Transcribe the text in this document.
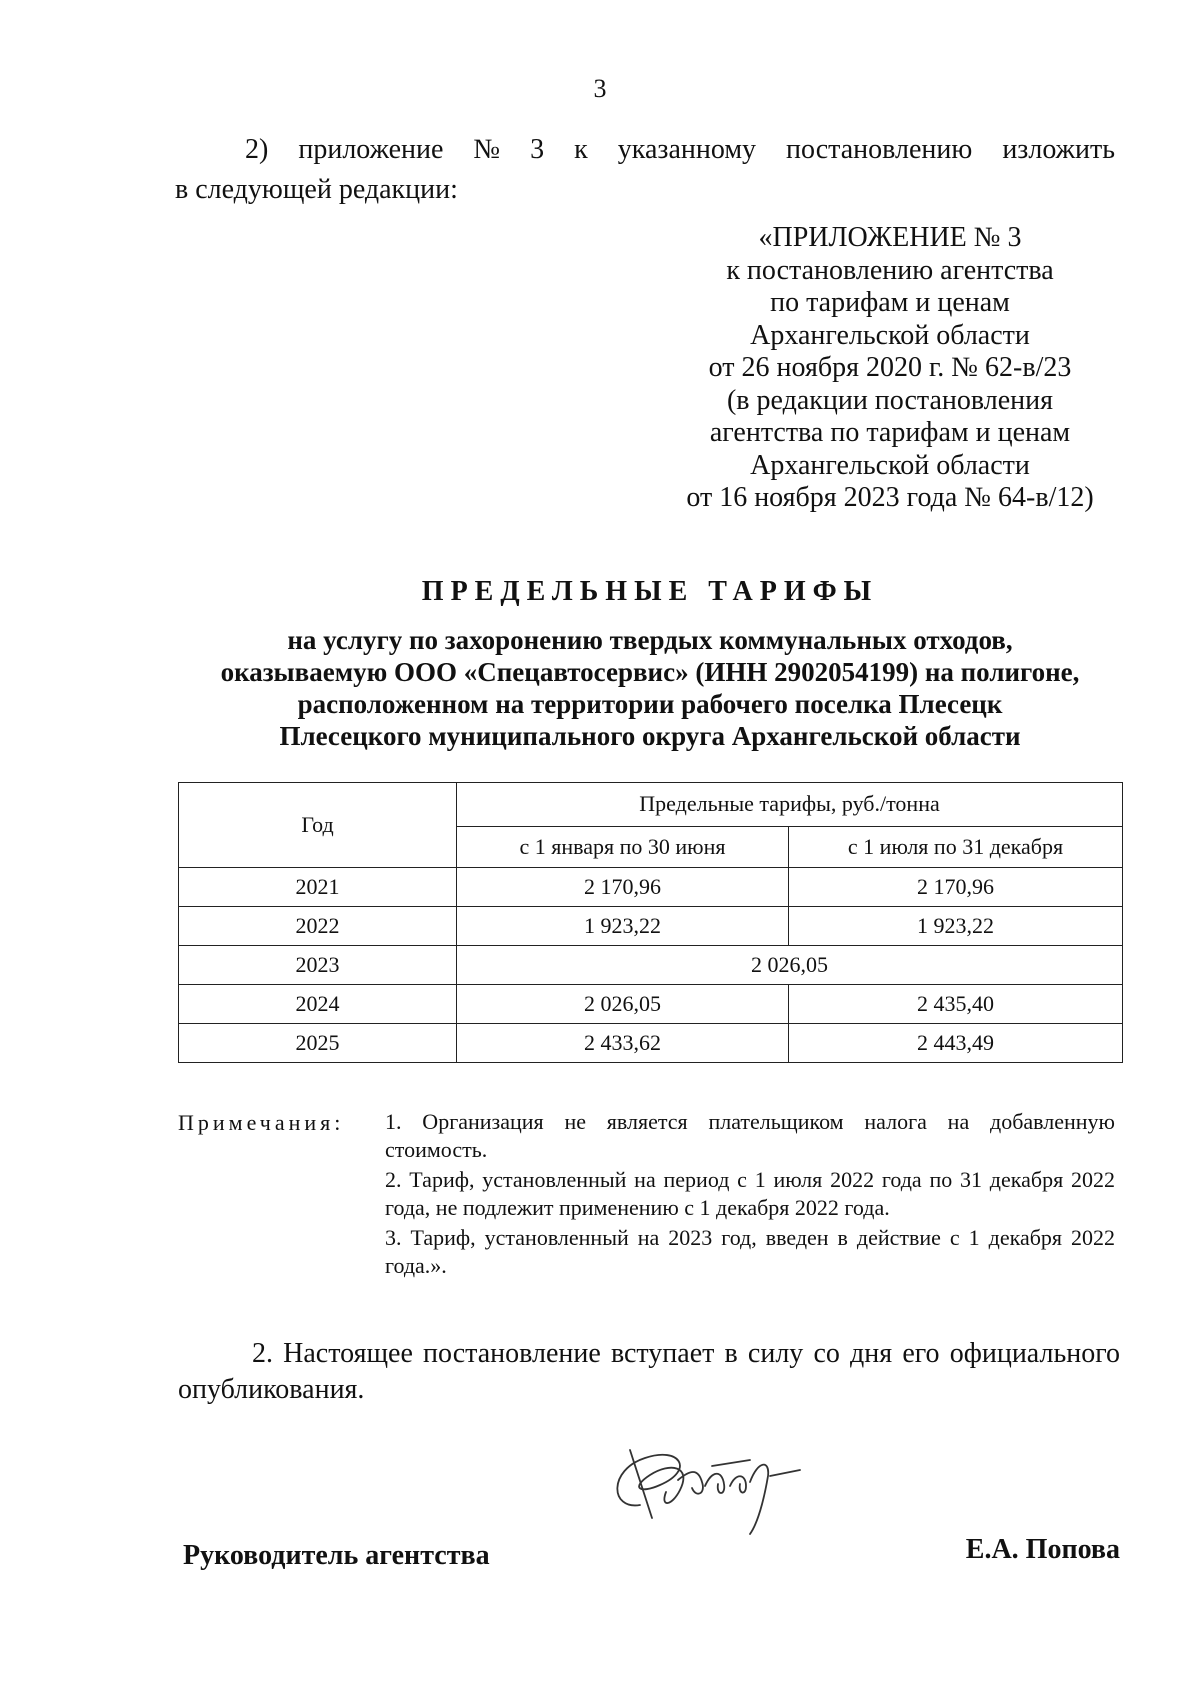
3
2) приложение № 3 к указанному постановлению изложить
в следующей редакции:
«ПРИЛОЖЕНИЕ № 3
к постановлению агентства
по тарифам и ценам
Архангельской области
от 26 ноября 2020 г. № 62-в/23
(в редакции постановления
агентства по тарифам и ценам
Архангельской области
от 16 ноября 2023 года № 64-в/12)
ПРЕДЕЛЬНЫЕ ТАРИФЫ
на услугу по захоронению твердых коммунальных отходов,
оказываемую ООО «Спецавтосервис» (ИНН 2902054199) на полигоне,
расположенном на территории рабочего поселка Плесецк
Плесецкого муниципального округа Архангельской области
Год	Предельные тарифы, руб./тонна	
	с 1 января по 30 июня	с 1 июля по 31 декабря
2021	2 170,96	2 170,96
2022	1 923,22	1 923,22
2023	2 026,05	
2024	2 026,05	2 435,40
2025	2 433,62	2 443,49
Примечания: 1. Организация не является плательщиком налога на добавленную стоимость.

2. Тариф, установленный на период с 1 июля 2022 года по 31 декабря 2022 года, не подлежит применению с 1 декабря 2022 года.

3. Тариф, установленный на 2023 год, введен в действие с 1 декабря 2022 года.».

2. Настоящее постановление вступает в силу со дня его официального
опубликования.
Руководитель агентства	Е.А. Попова
